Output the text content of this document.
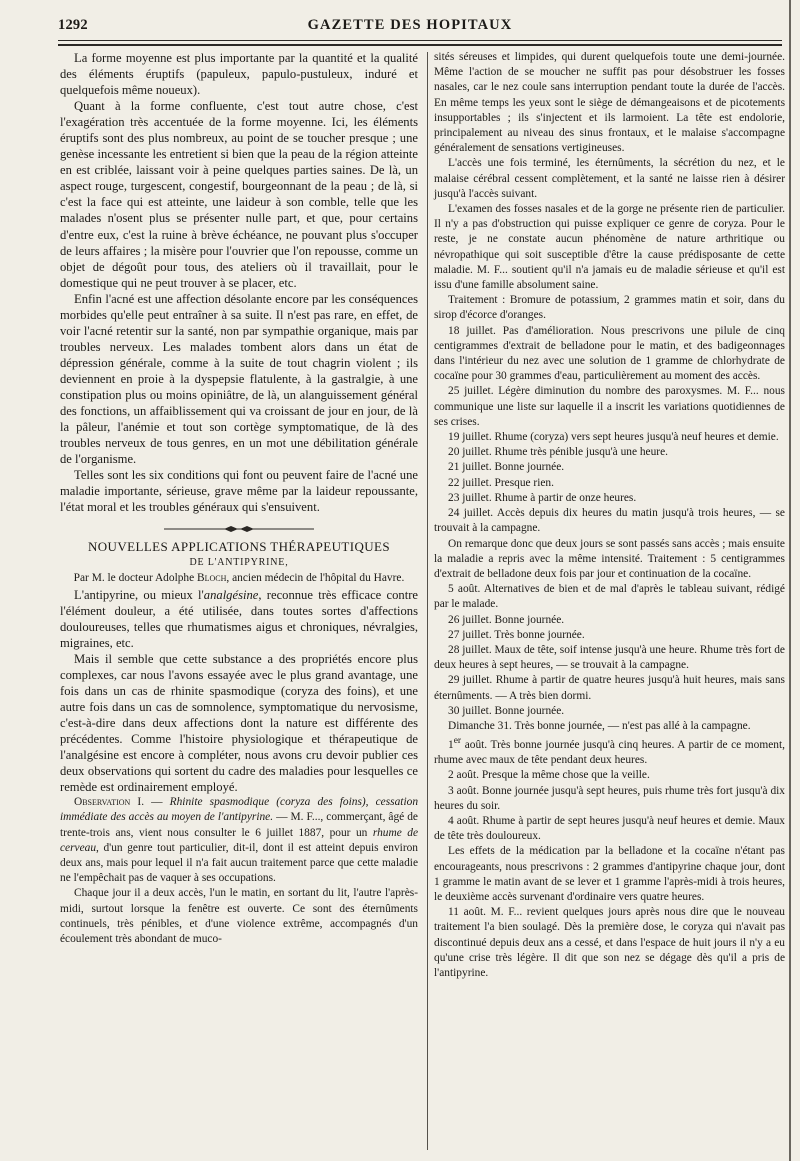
1292	GAZETTE DES HOPITAUX

La forme moyenne est plus importante par la quantité et la qualité des éléments éruptifs (papuleux, papulo-pustuleux, induré et quelquefois même noueux).

Quant à la forme confluente, c'est tout autre chose, c'est l'exagération très accentuée de la forme moyenne. Ici, les éléments éruptifs sont des plus nombreux, au point de se toucher presque ; une genèse incessante les entretient si bien que la peau de la région atteinte en est criblée, laissant voir à peine quelques parties saines. De là, un aspect rouge, turgescent, congestif, bourgeonnant de la peau ; de là, si c'est la face qui est atteinte, une laideur à son comble, telle que les malades n'osent plus se présenter nulle part, et que, pour certains d'entre eux, c'est la ruine à brève échéance, ne pouvant plus s'occuper de leurs affaires ; la misère pour l'ouvrier que l'on repousse, comme un objet de dégoût pour tous, des ateliers où il travaillait, pour le domestique qui ne peut trouver à se placer, etc.

Enfin l'acné est une affection désolante encore par les conséquences morbides qu'elle peut entraîner à sa suite. Il n'est pas rare, en effet, de voir l'acné retentir sur la santé, non par sympathie organique, mais par troubles nerveux. Les malades tombent alors dans un état de dépression générale, comme à la suite de tout chagrin violent ; ils deviennent en proie à la dyspepsie flatulente, à la gastralgie, à une constipation plus ou moins opiniâtre, de là, un alanguissement général des fonctions, un affaiblissement qui va croissant de jour en jour, de là la pâleur, l'anémie et tout son cortège symptomatique, de là des troubles nerveux de tous genres, en un mot une débilitation générale de l'organisme.

Telles sont les six conditions qui font ou peuvent faire de l'acné une maladie importante, sérieuse, grave même par la laideur repoussante, l'état moral et les troubles généraux qui s'ensuivent.

NOUVELLES APPLICATIONS THÉRAPEUTIQUES

DE L'ANTIPYRINE,

Par M. le docteur Adolphe Bloch, ancien médecin de l'hôpital du Havre.

L'antipyrine, ou mieux l'analgésine, reconnue très efficace contre l'élément douleur, a été utilisée, dans toutes sortes d'affections douloureuses, telles que rhumatismes aigus et chroniques, névralgies, migraines, etc.

Mais il semble que cette substance a des propriétés encore plus complexes, car nous l'avons essayée avec le plus grand avantage, une fois dans un cas de rhinite spasmodique (coryza des foins), et une autre fois dans un cas de somnolence, symptomatique du nervosisme, c'est-à-dire dans deux affections dont la nature est différente des précédentes. Comme l'histoire physiologique et thérapeutique de l'analgésine est encore à compléter, nous avons cru devoir publier ces deux observations qui sortent du cadre des maladies pour lesquelles ce remède est ordinairement employé.

Observation I. — Rhinite spasmodique (coryza des foins), cessation immédiate des accès au moyen de l'antipyrine. — M. F..., commerçant, âgé de trente-trois ans, vient nous consulter le 6 juillet 1887, pour un rhume de cerveau, d'un genre tout particulier, dit-il, dont il est atteint depuis environ deux ans, mais pour lequel il n'a fait aucun traitement parce que cette maladie ne l'empêchait pas de vaquer à ses occupations.

Chaque jour il a deux accès, l'un le matin, en sortant du lit, l'autre l'après-midi, surtout lorsque la fenêtre est ouverte. Ce sont des éternûments continuels, très pénibles, et d'une violence extrême, accompagnés d'un écoulement très abondant de muco-

sités séreuses et limpides, qui durent quelquefois toute une demi-journée. Même l'action de se moucher ne suffit pas pour désobstruer les fosses nasales, car le nez coule sans interruption pendant toute la durée de l'accès. En même temps les yeux sont le siège de démangeaisons et de picotements insupportables ; ils s'injectent et ils larmoient. La tête est endolorie, principalement au niveau des sinus frontaux, et le malaise s'accompagne généralement de sensations vertigineuses.

L'accès une fois terminé, les éternûments, la sécrétion du nez, et le malaise cérébral cessent complètement, et la santé ne laisse rien à désirer jusqu'à l'accès suivant.

L'examen des fosses nasales et de la gorge ne présente rien de particulier. Il n'y a pas d'obstruction qui puisse expliquer ce genre de coryza. Pour le reste, je ne constate aucun phénomène de nature arthritique ou névropathique qui soit susceptible d'être la cause prédisposante de cette maladie. M. F... soutient qu'il n'a jamais eu de maladie sérieuse et qu'il est issu d'une famille absolument saine.

Traitement : Bromure de potassium, 2 grammes matin et soir, dans du sirop d'écorce d'oranges.

18 juillet. Pas d'amélioration. Nous prescrivons une pilule de cinq centigrammes d'extrait de belladone pour le matin, et des badigeonnages dans l'intérieur du nez avec une solution de 1 gramme de chlorhydrate de cocaïne pour 30 grammes d'eau, particulièrement au moment des accès.

25 juillet. Légère diminution du nombre des paroxysmes. M. F... nous communique une liste sur laquelle il a inscrit les variations quotidiennes de ses crises.

19 juillet. Rhume (coryza) vers sept heures jusqu'à neuf heures et demie.

20 juillet. Rhume très pénible jusqu'à une heure.

21 juillet. Bonne journée.

22 juillet. Presque rien.

23 juillet. Rhume à partir de onze heures.

24 juillet. Accès depuis dix heures du matin jusqu'à trois heures, — se trouvait à la campagne.

On remarque donc que deux jours se sont passés sans accès ; mais ensuite la maladie a repris avec la même intensité. Traitement : 5 centigrammes d'extrait de belladone deux fois par jour et continuation de la cocaïne.

5 août. Alternatives de bien et de mal d'après le tableau suivant, rédigé par le malade.

26 juillet. Bonne journée.

27 juillet. Très bonne journée.

28 juillet. Maux de tête, soif intense jusqu'à une heure. Rhume très fort de deux heures à sept heures, — se trouvait à la campagne.

29 juillet. Rhume à partir de quatre heures jusqu'à huit heures, mais sans éternûments. — A très bien dormi.

30 juillet. Bonne journée.

Dimanche 31. Très bonne journée, — n'est pas allé à la campagne.

1er août. Très bonne journée jusqu'à cinq heures. A partir de ce moment, rhume avec maux de tête pendant deux heures.

2 août. Presque la même chose que la veille.

3 août. Bonne journée jusqu'à sept heures, puis rhume très fort jusqu'à dix heures du soir.

4 août. Rhume à partir de sept heures jusqu'à neuf heures et demie. Maux de tête très douloureux.

Les effets de la médication par la belladone et la cocaïne n'étant pas encourageants, nous prescrivons : 2 grammes d'antipyrine chaque jour, dont 1 gramme le matin avant de se lever et 1 gramme l'après-midi à trois heures, le deuxième accès survenant d'ordinaire vers quatre heures.

11 août. M. F... revient quelques jours après nous dire que le nouveau traitement l'a bien soulagé. Dès la première dose, le coryza qui n'avait pas discontinué depuis deux ans a cessé, et dans l'espace de huit jours il n'y a eu qu'une crise très légère. Il dit que son nez se dégage dès qu'il a pris de l'antipyrine.
